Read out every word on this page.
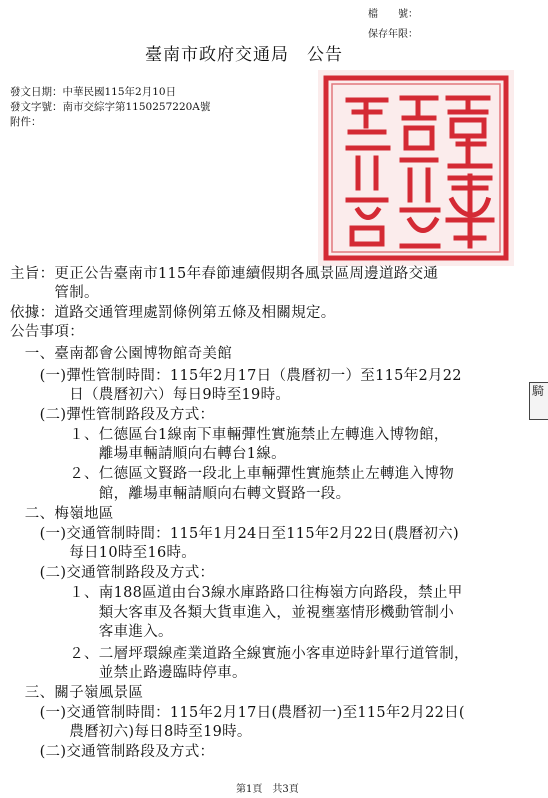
檔　　號：
保存年限：
臺南市政府交通局　公告
發文日期：中華民國115年2月10日
發文字號：南市交綜字第1150257220A號
附件：
主旨：更正公告臺南市115年春節連續假期各風景區周邊道路交通
　　　管制。
依據：道路交通管理處罰條例第五條及相關規定。
公告事項：
　一、臺南都會公園博物館奇美館
　　(一)彈性管制時間：115年2月17日（農曆初一）至115年2月22
　　　　日（農曆初六）每日9時至19時。
　　(二)彈性管制路段及方式：
　　　　１、仁德區台1線南下車輛彈性實施禁止左轉進入博物館，
　　　　　　離場車輛請順向右轉台1線。
　　　　２、仁德區文賢路一段北上車輛彈性實施禁止左轉進入博物
　　　　　　館，離場車輛請順向右轉文賢路一段。
　二、梅嶺地區
　　(一)交通管制時間：115年1月24日至115年2月22日(農曆初六)
　　　　每日10時至16時。
　　(二)交通管制路段及方式：
　　　　１、南188區道由台3線水庫路路口往梅嶺方向路段，禁止甲
　　　　　　類大客車及各類大貨車進入，並視壅塞情形機動管制小
　　　　　　客車進入。
　　　　２、二層坪環線產業道路全線實施小客車逆時針單行道管制，
　　　　　　並禁止路邊臨時停車。
　三、關子嶺風景區
　　(一)交通管制時間：115年2月17日(農曆初一)至115年2月22日(
　　　　農曆初六)每日8時至19時。
　　(二)交通管制路段及方式：
騎
第1頁　共3頁
